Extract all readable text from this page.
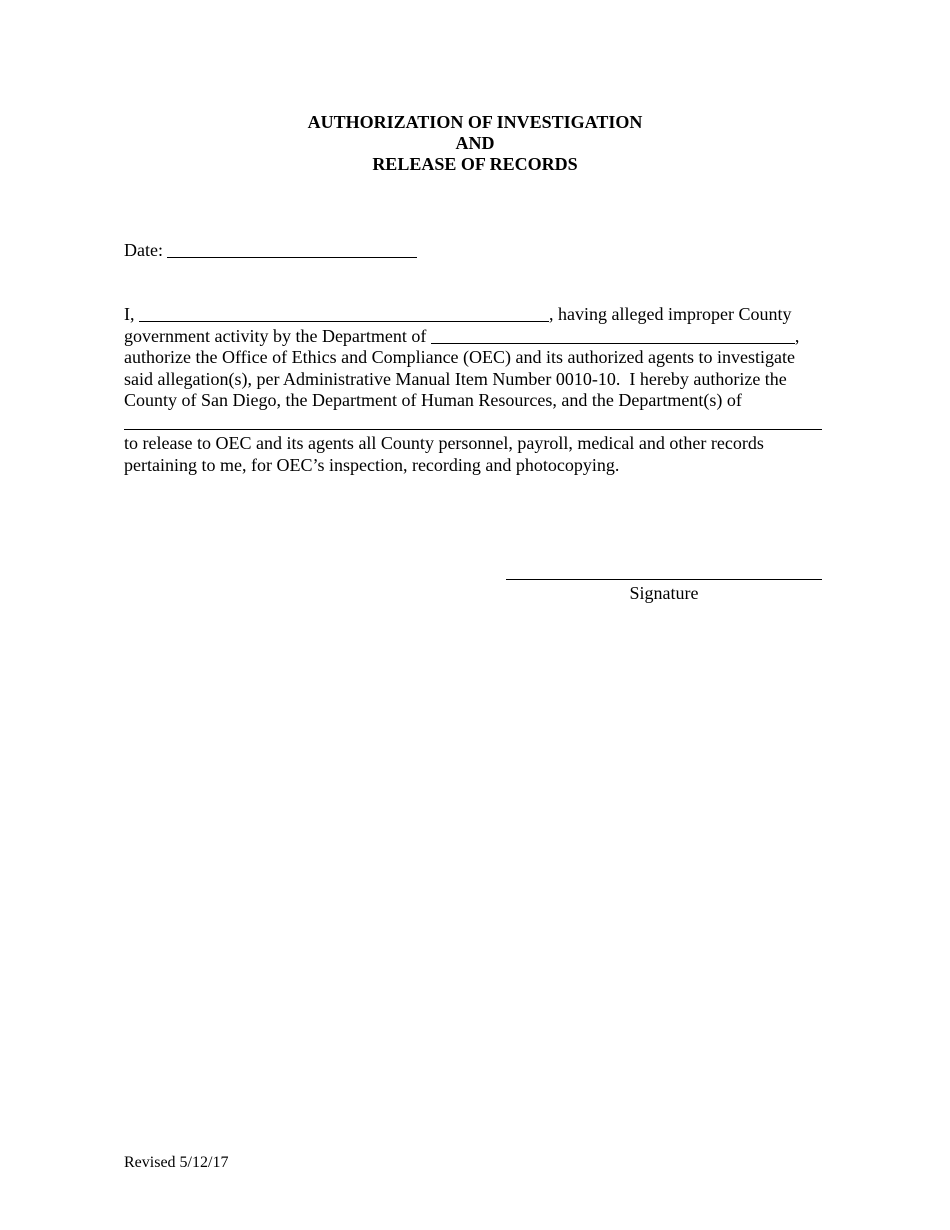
AUTHORIZATION OF INVESTIGATION
AND
RELEASE OF RECORDS
Date:
I,	, having alleged improper County
government activity by the Department of	,
authorize the Office of Ethics and Compliance (OEC) and its authorized agents to investigate
said allegation(s), per Administrative Manual Item Number 0010-10.  I hereby authorize the
County of San Diego, the Department of Human Resources, and the Department(s) of
to release to OEC and its agents all County personnel, payroll, medical and other records
pertaining to me, for OEC’s inspection, recording and photocopying.
Signature
Revised 5/12/17
